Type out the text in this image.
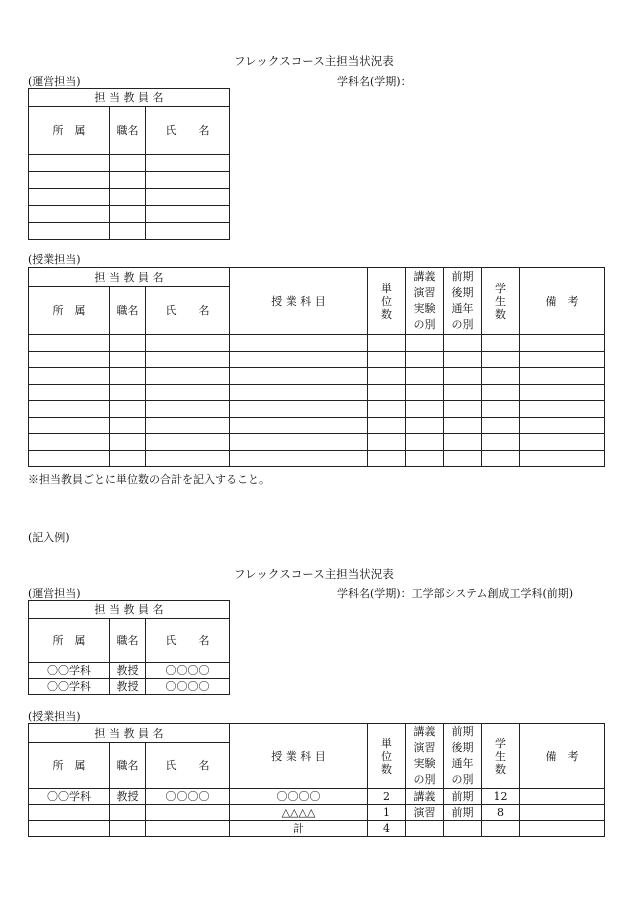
フレックスコース主担当状況表
(運営担当)	学科名(学期)：
担 当 教 員 名		
所　属	職名	氏　　名

(授業担当)
担 当 教 員 名			授 業 科 目	単
位
数	講義
演習
実験
の別	前期
後期
通年
の別	学
生
数	備　考
所　属	職名	氏　　名						

※担当教員ごとに単位数の合計を記入すること。
(記入例)
フレックスコース主担当状況表
(運営担当)	学科名(学期)：工学部システム創成工学科(前期)
担 当 教 員 名		
所　属	職名	氏　　名
〇〇学科	教授	〇〇〇〇
〇〇学科	教授	〇〇〇〇
(授業担当)
担 当 教 員 名			授 業 科 目	単
位
数	講義
演習
実験
の別	前期
後期
通年
の別	学
生
数	備　考
所　属	職名	氏　　名						
〇〇学科	教授	〇〇〇〇	〇〇〇〇	2	講義	前期	12	
			△△△△	1	演習	前期	8	
			計	4				
